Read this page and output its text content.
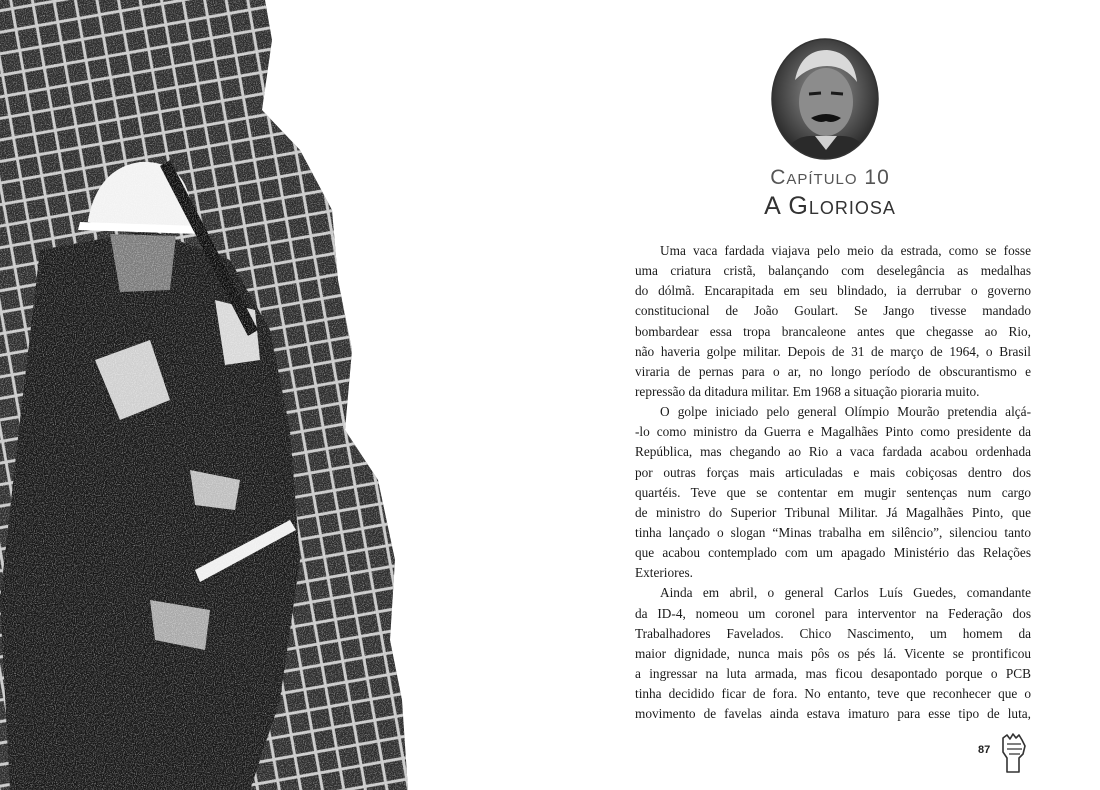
Capítulo 10
A Gloriosa
Uma vaca fardada viajava pelo meio da estrada, como se fosse
uma criatura cristã, balançando com deselegância as medalhas
do dólmã. Encarapitada em seu blindado, ia derrubar o governo
constitucional de João Goulart. Se Jango tivesse mandado
bombardear essa tropa brancaleone antes que chegasse ao Rio,
não haveria golpe militar. Depois de 31 de março de 1964, o Brasil
viraria de pernas para o ar, no longo período de obscurantismo e
repressão da ditadura militar. Em 1968 a situação pioraria muito.
O golpe iniciado pelo general Olímpio Mourão pretendia alçá-
-lo como ministro da Guerra e Magalhães Pinto como presidente da
República, mas chegando ao Rio a vaca fardada acabou ordenhada
por outras forças mais articuladas e mais cobiçosas dentro dos
quartéis. Teve que se contentar em mugir sentenças num cargo
de ministro do Superior Tribunal Militar. Já Magalhães Pinto, que
tinha lançado o slogan “Minas trabalha em silêncio”, silenciou tanto
que acabou contemplado com um apagado Ministério das Relações
Exteriores.
Ainda em abril, o general Carlos Luís Guedes, comandante
da ID-4, nomeou um coronel para interventor na Federação dos
Trabalhadores Favelados. Chico Nascimento, um homem da
maior dignidade, nunca mais pôs os pés lá. Vicente se prontificou
a ingressar na luta armada, mas ficou desapontado porque o PCB
tinha decidido ficar de fora. No entanto, teve que reconhecer que o
movimento de favelas ainda estava imaturo para esse tipo de luta,
87
